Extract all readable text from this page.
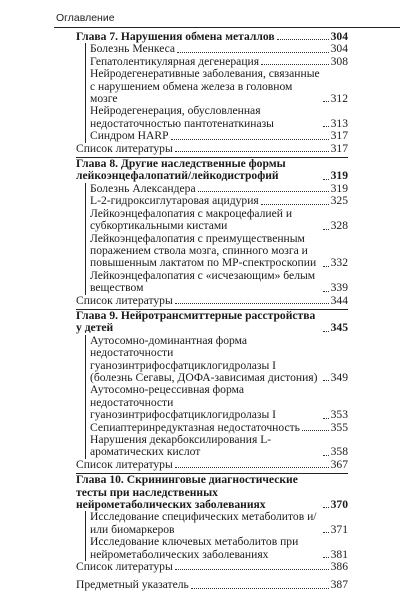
Оглавление
Глава 7. Нарушения обмена металлов	304
Болезнь Менкеса	304
Гепатолентикулярная дегенерация	308
Нейродегенеративные заболевания, связанные с нарушением обмена железа в головном мозге	312
Нейродегенерация, обусловленная недостаточностью пантотенаткиназы	313
Синдром HARP	317
Список литературы	317
Глава 8. Другие наследственные формы лейкоэнцефалопатий/лейкодистрофий	319
Болезнь Александера	319
L-2-гидроксиглутаровая ацидурия	325
Лейкоэнцефалопатия с макроцефалией и субкортикальными кистами	328
Лейкоэнцефалопатия с преимущественным поражением ствола мозга, спинного мозга и повышенным лактатом по МР-спектроскопии	332
Лейкоэнцефалопатия с «исчезающим» белым веществом	339
Список литературы	344
Глава 9. Нейротрансмиттерные расстройства у детей	345
Аутосомно-доминантная форма недостаточности гуанозинтрифосфатциклогидролазы I (болезнь Сегавы, ДОФА-зависимая дистония) 349
Аутосомно-рецессивная форма недостаточности гуанозинтрифосфатциклогидролазы I	353
Сепиаптеринредуктазная недостаточность	355
Нарушения декарбоксилирования L-ароматических кислот	358
Список литературы	367
Глава 10. Скрининговые диагностические тесты при наследственных нейрометаболических заболеваниях	370
Исследование специфических метаболитов и/или биомаркеров	371
Исследование ключевых метаболитов при нейрометаболических заболеваниях	381
Список литературы	386
Предметный указатель	387
